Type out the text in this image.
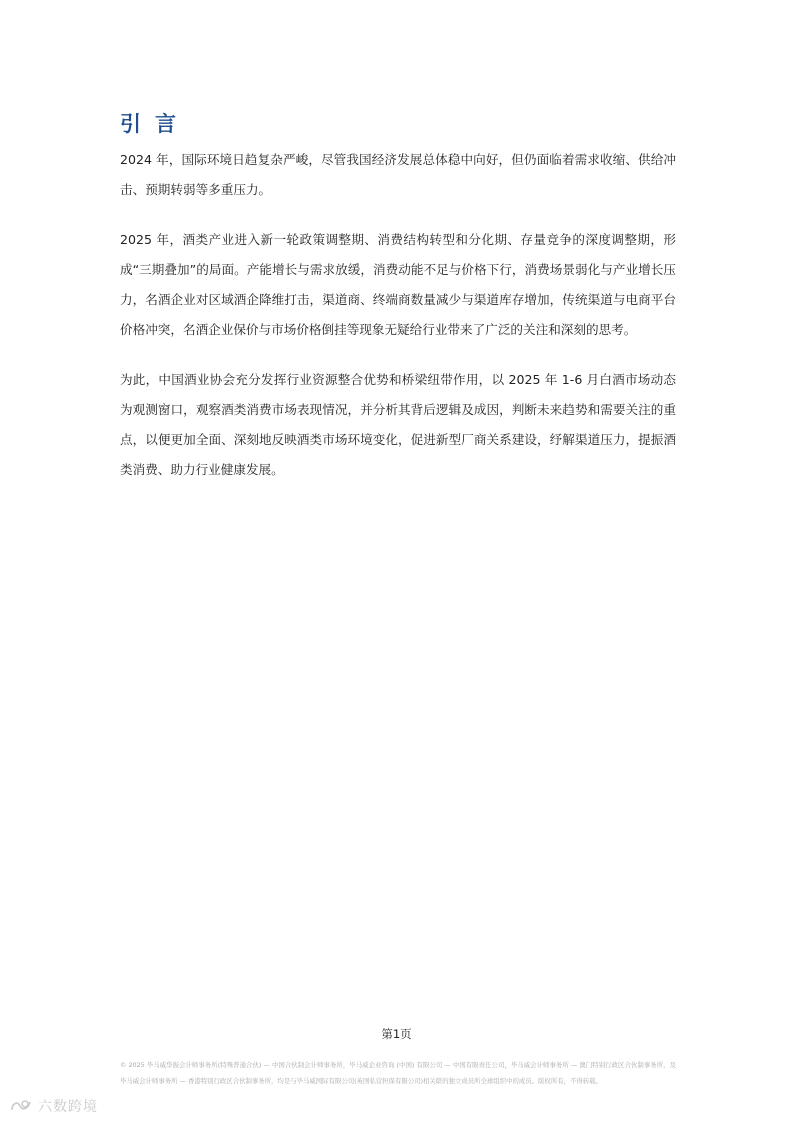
引言

2024 年，国际环境日趋复杂严峻，尽管我国经济发展总体稳中向好，但仍面临着需求收缩、供给冲击、预期转弱等多重压力。

2025 年，酒类产业进入新一轮政策调整期、消费结构转型和分化期、存量竞争的深度调整期，形成“三期叠加”的局面。产能增长与需求放缓，消费动能不足与价格下行，消费场景弱化与产业增长压力，名酒企业对区域酒企降维打击，渠道商、终端商数量减少与渠道库存增加，传统渠道与电商平台价格冲突，名酒企业保价与市场价格倒挂等现象无疑给行业带来了广泛的关注和深刻的思考。

为此，中国酒业协会充分发挥行业资源整合优势和桥梁纽带作用，以 2025 年 1-6 月白酒市场动态为观测窗口，观察酒类消费市场表现情况，并分析其背后逻辑及成因，判断未来趋势和需要关注的重点，以便更加全面、深刻地反映酒类市场环境变化，促进新型厂商关系建设，纾解渠道压力，提振酒类消费、助力行业健康发展。

第1页
© 2025 毕马威华振会计师事务所(特殊普通合伙) — 中国合伙制会计师事务所，毕马威企业咨询 (中国) 有限公司 — 中国有限责任公司，毕马威会计师事务所 — 澳门特别行政区合伙制事务所，及毕马威会计师事务所 — 香港特别行政区合伙制事务所，均是与毕马威国际有限公司(英国私营担保有限公司)相关联的独立成员所全球组织中的成员。版权所有，不得转载。
六数跨境
